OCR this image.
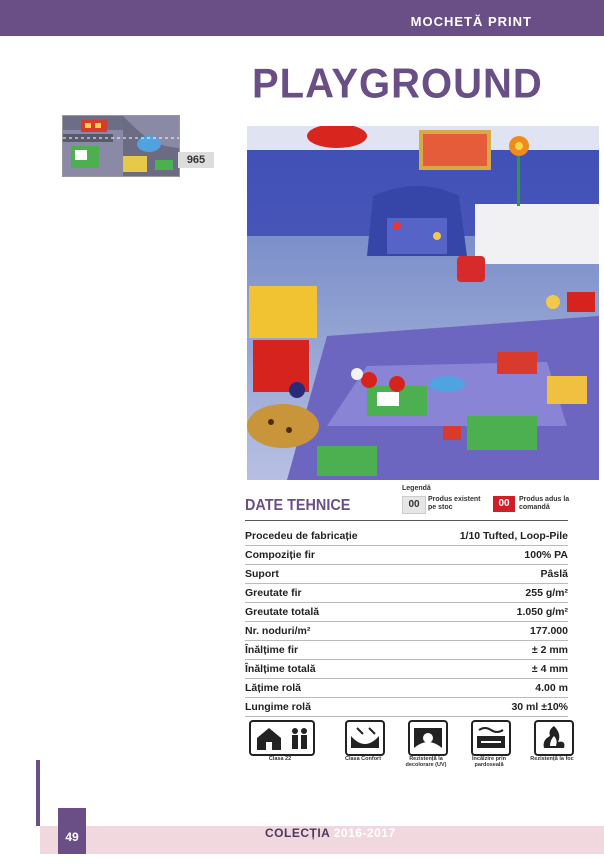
MOCHETĂ PRINT
PLAYGROUND
965
Legendă
00	Produs existent pe stoc	00	Produs adus la comandă
DATE TEHNICE
Procedeu de fabricație	1/10 Tufted, Loop-Pile
Compoziție fir	100% PA
Suport	Pâslă
Greutate fir	255 g/m²
Greutate totală	1.050 g/m²
Nr. noduri/m²	177.000
Înălțime fir	± 2 mm
Înălțime totală	± 4 mm
Lățime rolă	4.00 m
Lungime rolă	30 ml ±10%
Clasa 22	Clasa Confort	Rezistență la decolorare (UV)
Încălzire prin pardoseală
Rezistență la foc
49	COLECȚIA 2016-2017
